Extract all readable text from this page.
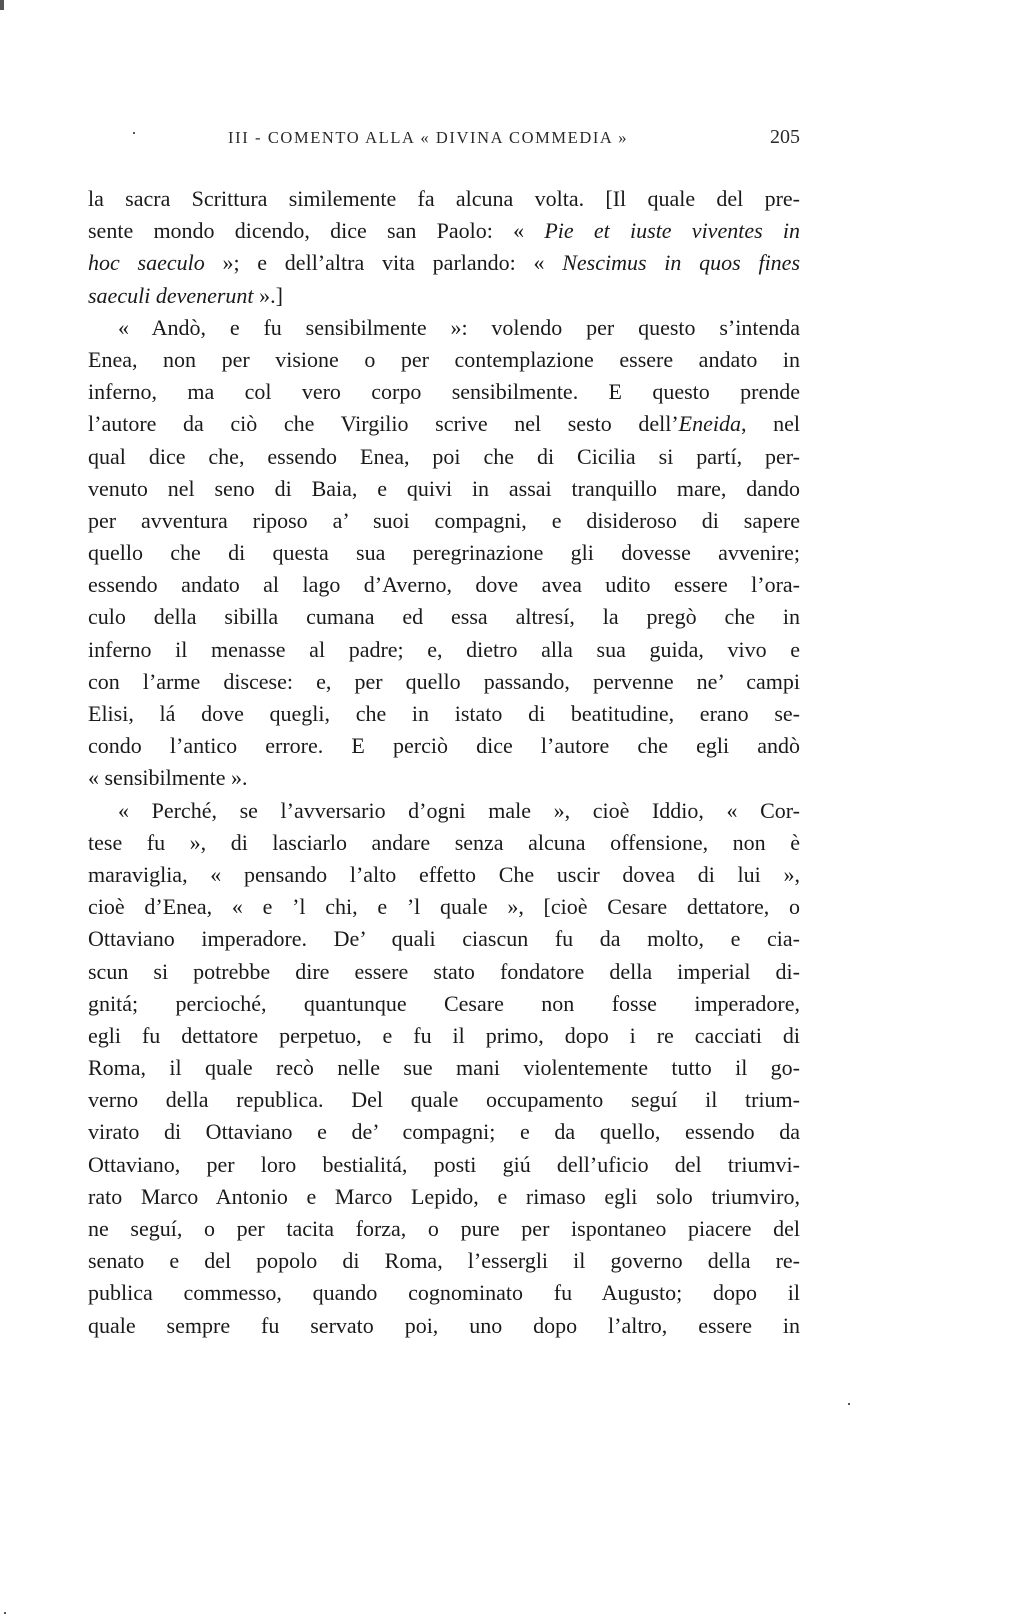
III - COMENTO ALLA « DIVINA COMMEDIA »	205
la sacra Scrittura similemente fa alcuna volta. [Il quale del pre-
sente mondo dicendo, dice san Paolo: « Pie et iuste viventes in
hoc saeculo »; e dell’altra vita parlando: « Nescimus in quos fines
saeculi devenerunt ».]
« Andò, e fu sensibilmente »: volendo per questo s’intenda
Enea, non per visione o per contemplazione essere andato in
inferno, ma col vero corpo sensibilmente. E questo prende
l’autore da ciò che Virgilio scrive nel sesto dell’Eneida, nel
qual dice che, essendo Enea, poi che di Cicilia si partí, per-
venuto nel seno di Baia, e quivi in assai tranquillo mare, dando
per avventura riposo a’ suoi compagni, e disideroso di sapere
quello che di questa sua peregrinazione gli dovesse avvenire;
essendo andato al lago d’Averno, dove avea udito essere l’ora-
culo della sibilla cumana ed essa altresí, la pregò che in
inferno il menasse al padre; e, dietro alla sua guida, vivo e
con l’arme discese: e, per quello passando, pervenne ne’ campi
Elisi, lá dove quegli, che in istato di beatitudine, erano se-
condo l’antico errore. E perciò dice l’autore che egli andò
« sensibilmente ».
« Perché, se l’avversario d’ogni male », cioè Iddio, « Cor-
tese fu », di lasciarlo andare senza alcuna offensione, non è
maraviglia, « pensando l’alto effetto Che uscir dovea di lui »,
cioè d’Enea, « e ’l chi, e ’l quale », [cioè Cesare dettatore, o
Ottaviano imperadore. De’ quali ciascun fu da molto, e cia-
scun si potrebbe dire essere stato fondatore della imperial di-
gnitá; percioché, quantunque Cesare non fosse imperadore,
egli fu dettatore perpetuo, e fu il primo, dopo i re cacciati di
Roma, il quale recò nelle sue mani violentemente tutto il go-
verno della republica. Del quale occupamento seguí il trium-
virato di Ottaviano e de’ compagni; e da quello, essendo da
Ottaviano, per loro bestialitá, posti giú dell’uficio del triumvi-
rato Marco Antonio e Marco Lepido, e rimaso egli solo triumviro,
ne seguí, o per tacita forza, o pure per ispontaneo piacere del
senato e del popolo di Roma, l’essergli il governo della re-
publica commesso, quando cognominato fu Augusto; dopo il
quale sempre fu servato poi, uno dopo l’altro, essere in
